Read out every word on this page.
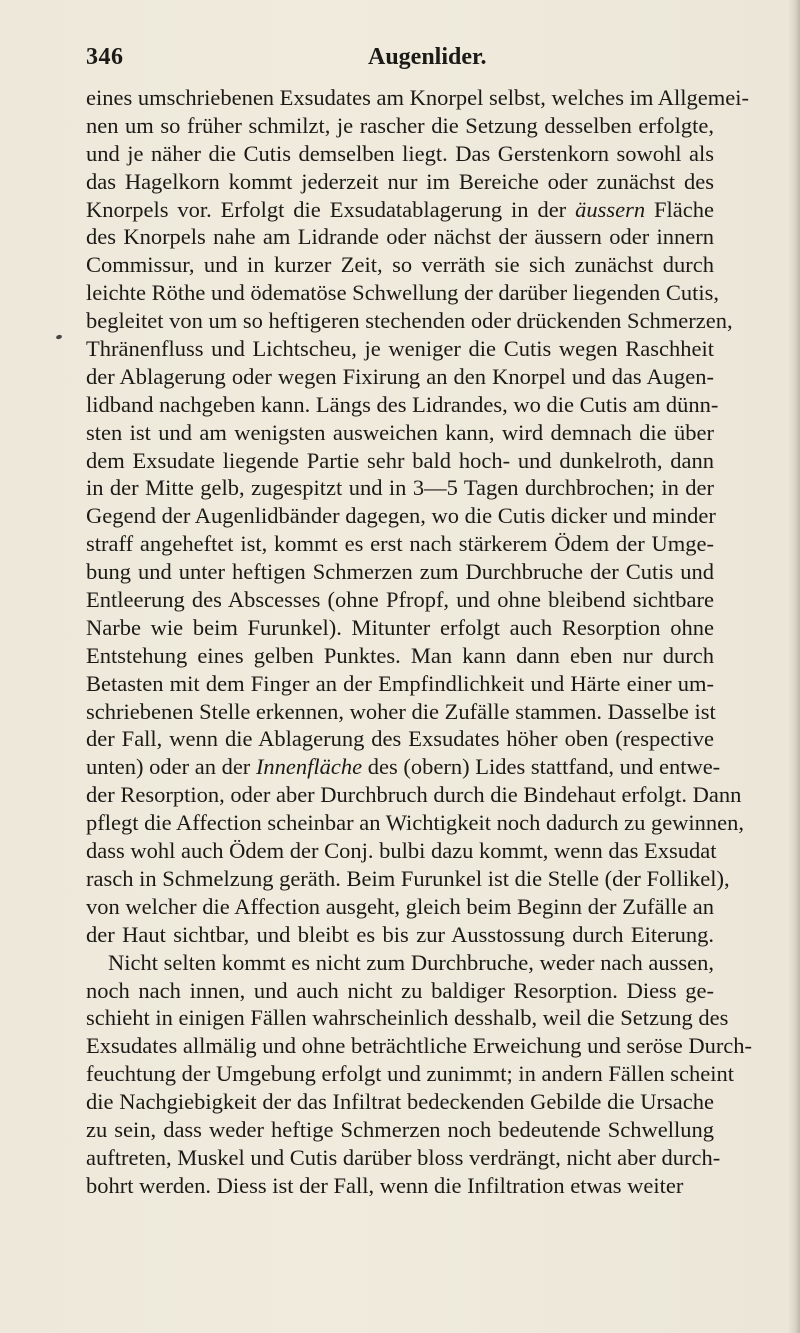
346	Augenlider.
eines umschriebenen Exsudates am Knorpel selbst, welches im Allgemei-
nen um so früher schmilzt, je rascher die Setzung desselben erfolgte,
und je näher die Cutis demselben liegt. Das Gerstenkorn sowohl als
das Hagelkorn kommt jederzeit nur im Bereiche oder zunächst des
Knorpels vor. Erfolgt die Exsudatablagerung in der äussern Fläche
des Knorpels nahe am Lidrande oder nächst der äussern oder innern
Commissur, und in kurzer Zeit, so verräth sie sich zunächst durch
leichte Röthe und ödematöse Schwellung der darüber liegenden Cutis,
begleitet von um so heftigeren stechenden oder drückenden Schmerzen,
Thränenfluss und Lichtscheu, je weniger die Cutis wegen Raschheit
der Ablagerung oder wegen Fixirung an den Knorpel und das Augen-
lidband nachgeben kann. Längs des Lidrandes, wo die Cutis am dünn-
sten ist und am wenigsten ausweichen kann, wird demnach die über
dem Exsudate liegende Partie sehr bald hoch- und dunkelroth, dann
in der Mitte gelb, zugespitzt und in 3—5 Tagen durchbrochen; in der
Gegend der Augenlidbänder dagegen, wo die Cutis dicker und minder
straff angeheftet ist, kommt es erst nach stärkerem Ödem der Umge-
bung und unter heftigen Schmerzen zum Durchbruche der Cutis und
Entleerung des Abscesses (ohne Pfropf, und ohne bleibend sichtbare
Narbe wie beim Furunkel). Mitunter erfolgt auch Resorption ohne
Entstehung eines gelben Punktes. Man kann dann eben nur durch
Betasten mit dem Finger an der Empfindlichkeit und Härte einer um-
schriebenen Stelle erkennen, woher die Zufälle stammen. Dasselbe ist
der Fall, wenn die Ablagerung des Exsudates höher oben (respective
unten) oder an der Innenfläche des (obern) Lides stattfand, und entwe-
der Resorption, oder aber Durchbruch durch die Bindehaut erfolgt. Dann
pflegt die Affection scheinbar an Wichtigkeit noch dadurch zu gewinnen,
dass wohl auch Ödem der Conj. bulbi dazu kommt, wenn das Exsudat
rasch in Schmelzung geräth. Beim Furunkel ist die Stelle (der Follikel),
von welcher die Affection ausgeht, gleich beim Beginn der Zufälle an
der Haut sichtbar, und bleibt es bis zur Ausstossung durch Eiterung.
Nicht selten kommt es nicht zum Durchbruche, weder nach aussen,
noch nach innen, und auch nicht zu baldiger Resorption. Diess ge-
schieht in einigen Fällen wahrscheinlich desshalb, weil die Setzung des
Exsudates allmälig und ohne beträchtliche Erweichung und seröse Durch-
feuchtung der Umgebung erfolgt und zunimmt; in andern Fällen scheint
die Nachgiebigkeit der das Infiltrat bedeckenden Gebilde die Ursache
zu sein, dass weder heftige Schmerzen noch bedeutende Schwellung
auftreten, Muskel und Cutis darüber bloss verdrängt, nicht aber durch-
bohrt werden. Diess ist der Fall, wenn die Infiltration etwas weiter
